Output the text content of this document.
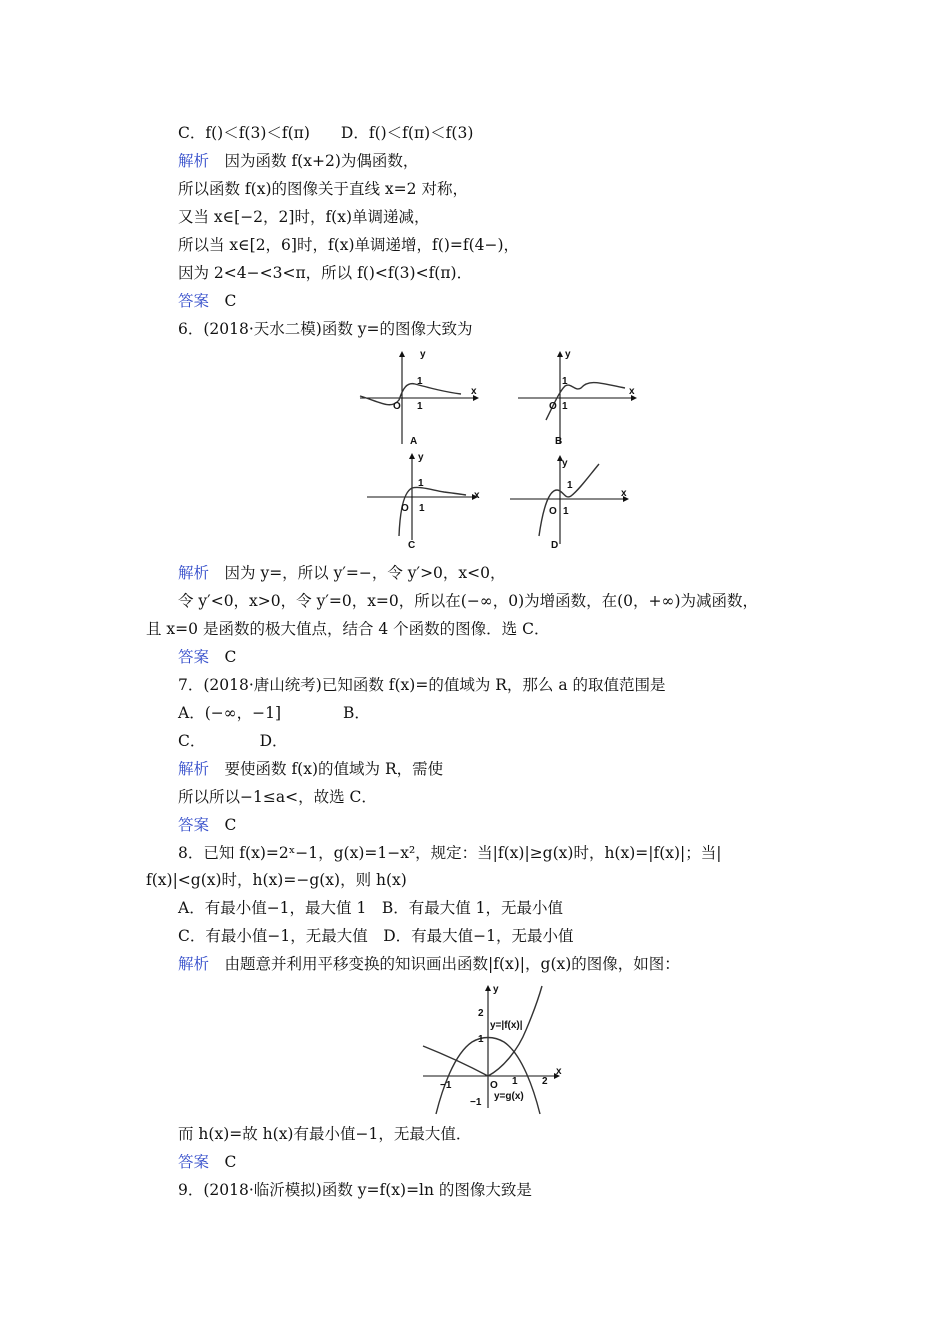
C．f()＜f(3)＜f(π)　　D．f()＜f(π)＜f(3)
解析　因为函数 f(x+2)为偶函数，
所以函数 f(x)的图像关于直线 x=2 对称，
又当 x∈[−2，2]时，f(x)单调递减，
所以当 x∈[2，6]时，f(x)单调递增，f()=f(4−)，
因为 2<4−<3<π，所以 f()<f(3)<f(π)．
答案　C
6．(2018·天水二模)函数 y=的图像大致为
y
x
O 1
1
A
y
x
O 1
1
B
y
x
O 1
1
C
y
x
O 1
1
D
解析　因为 y=，所以 y′=−，令 y′>0，x<0，
令 y′<0，x>0，令 y′=0，x=0，所以在(−∞，0)为增函数，在(0，+∞)为减函数，
且 x=0 是函数的极大值点，结合 4 个函数的图像．选 C．
答案　C
7．(2018·唐山统考)已知函数 f(x)=的值域为 R，那么 a 的取值范围是
A．(−∞，−1]　　　　B．
C．　　　　D．
解析　要使函数 f(x)的值域为 R，需使
所以所以−1≤a<，故选 C．
答案　C
8．已知 f(x)=2ˣ−1，g(x)=1−x²，规定：当|f(x)|≥g(x)时，h(x)=|f(x)|；当|
f(x)|<g(x)时，h(x)=−g(x)，则 h(x)
A．有最小值−1，最大值 1　B．有最大值 1，无最小值
C．有最小值−1，无最大值　D．有最大值−1，无最小值
解析　由题意并利用平移变换的知识画出函数|f(x)|，g(x)的图像，如图：
y
x
O
2
1
−1
−1	1 2
y=|f(x)|
y=g(x)
而 h(x)=故 h(x)有最小值−1，无最大值．
答案　C
9．(2018·临沂模拟)函数 y=f(x)=ln 的图像大致是
